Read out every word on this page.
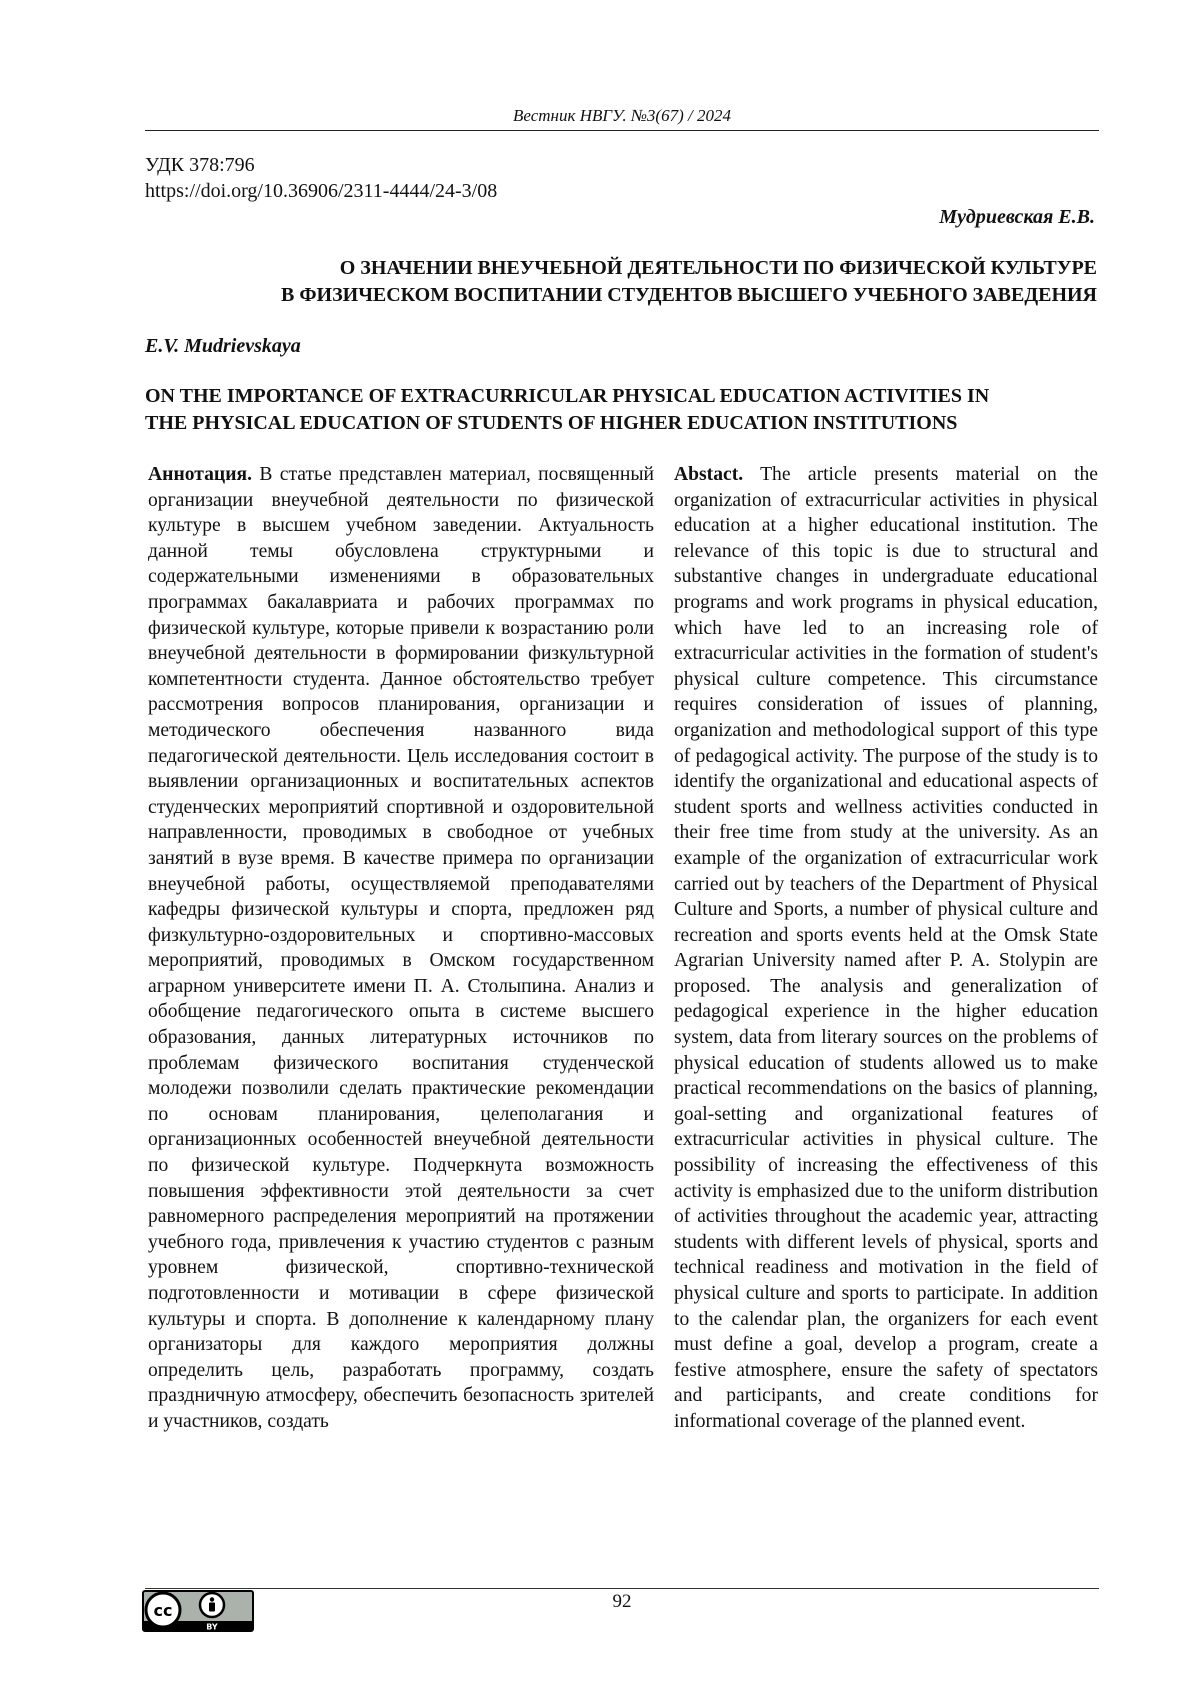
Вестник НВГУ. №3(67) / 2024
УДК 378:796
https://doi.org/10.36906/2311-4444/24-3/08
Мудриевская Е.В.
О ЗНАЧЕНИИ ВНЕУЧЕБНОЙ ДЕЯТЕЛЬНОСТИ ПО ФИЗИЧЕСКОЙ КУЛЬТУРЕ
В ФИЗИЧЕСКОМ ВОСПИТАНИИ СТУДЕНТОВ ВЫСШЕГО УЧЕБНОГО ЗАВЕДЕНИЯ
E.V. Mudrievskaya
ON THE IMPORTANCE OF EXTRACURRICULAR PHYSICAL EDUCATION ACTIVITIES IN
THE PHYSICAL EDUCATION OF STUDENTS OF HIGHER EDUCATION INSTITUTIONS
Аннотация. В статье представлен материал, посвященный организации внеучебной деятельности по физической культуре в высшем учебном заведении. Актуальность данной темы обусловлена структурными и содержательными изменениями в образовательных программах бакалавриата и рабочих программах по физической культуре, которые привели к возрастанию роли внеучебной деятельности в формировании физкультурной компетентности студента. Данное обстоятельство требует рассмотрения вопросов планирования, организации и методического обеспечения названного вида педагогической деятельности. Цель исследования состоит в выявлении организационных и воспитательных аспектов студенческих мероприятий спортивной и оздоровительной направленности, проводимых в свободное от учебных занятий в вузе время. В качестве примера по организации внеучебной работы, осуществляемой преподавателями кафедры физической культуры и спорта, предложен ряд физкультурно-оздоровительных и спортивно-массовых мероприятий, проводимых в Омском государственном аграрном университете имени П. А. Столыпина. Анализ и обобщение педагогического опыта в системе высшего образования, данных литературных источников по проблемам физического воспитания студенческой молодежи позволили сделать практические рекомендации по основам планирования, целеполагания и организационных особенностей внеучебной деятельности по физической культуре. Подчеркнута возможность повышения эффективности этой деятельности за счет равномерного распределения мероприятий на протяжении учебного года, привлечения к участию студентов с разным уровнем физической, спортивно-технической подготовленности и мотивации в сфере физической культуры и спорта. В дополнение к календарному плану организаторы для каждого мероприятия должны определить цель, разработать программу, создать праздничную атмосферу, обеспечить безопасность зрителей и участников, создать
Abstact. The article presents material on the organization of extracurricular activities in physical education at a higher educational institution. The relevance of this topic is due to structural and substantive changes in undergraduate educational programs and work programs in physical education, which have led to an increasing role of extracurricular activities in the formation of student's physical culture competence. This circumstance requires consideration of issues of planning, organization and methodological support of this type of pedagogical activity. The purpose of the study is to identify the organizational and educational aspects of student sports and wellness activities conducted in their free time from study at the university. As an example of the organization of extracurricular work carried out by teachers of the Department of Physical Culture and Sports, a number of physical culture and recreation and sports events held at the Omsk State Agrarian University named after P. A. Stolypin are proposed. The analysis and generalization of pedagogical experience in the higher education system, data from literary sources on the problems of physical education of students allowed us to make practical recommendations on the basics of planning, goal-setting and organizational features of extracurricular activities in physical culture. The possibility of increasing the effectiveness of this activity is emphasized due to the uniform distribution of activities throughout the academic year, attracting students with different levels of physical, sports and technical readiness and motivation in the field of physical culture and sports to participate. In addition to the calendar plan, the organizers for each event must define a goal, develop a program, create a festive atmosphere, ensure the safety of spectators and participants, and create conditions for informational coverage of the planned event.
cc
BY
92
